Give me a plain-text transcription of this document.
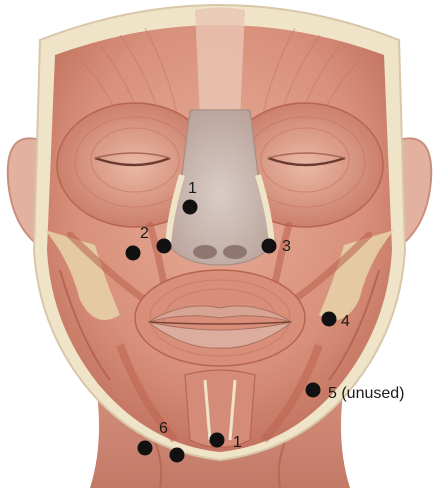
1
2
3
4
5 (unused)
6
1
